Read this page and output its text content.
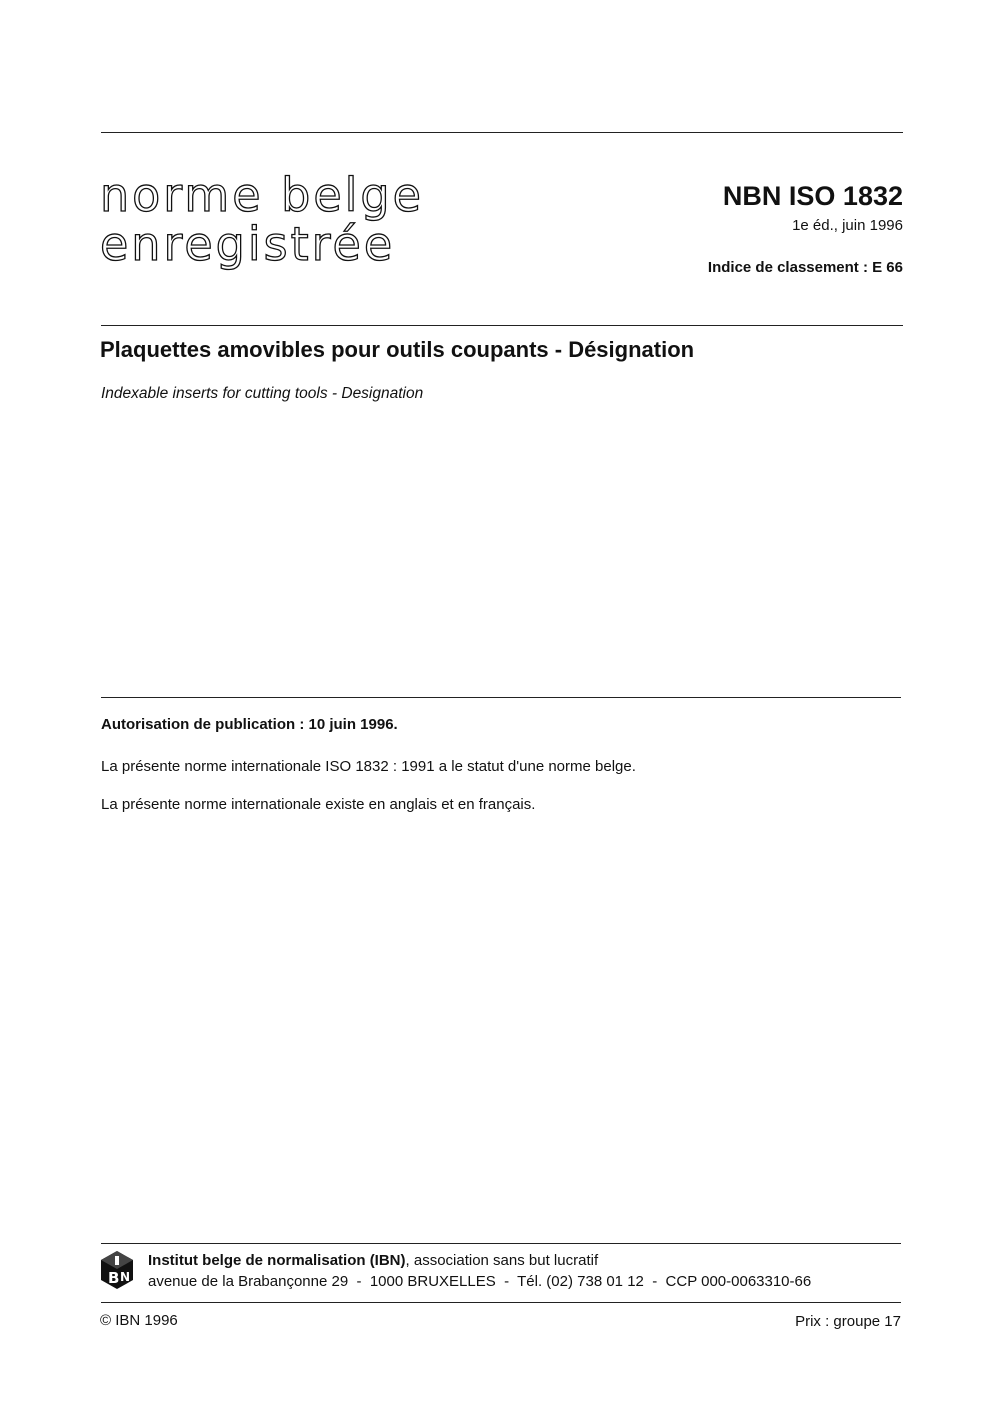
norme belge
enregistrée
NBN ISO 1832
1e éd., juin 1996
Indice de classement : E 66
Plaquettes amovibles pour outils coupants - Désignation
Indexable inserts for cutting tools - Designation
Autorisation de publication : 10 juin 1996.
La présente norme internationale ISO 1832 : 1991 a le statut d'une norme belge.
La présente norme internationale existe en anglais et en français.
B N
Institut belge de normalisation (IBN), association sans but lucratif
avenue de la Brabançonne 29  -  1000 BRUXELLES  -  Tél. (02) 738 01 12  -  CCP 000-0063310-66
© IBN 1996	Prix : groupe 17
